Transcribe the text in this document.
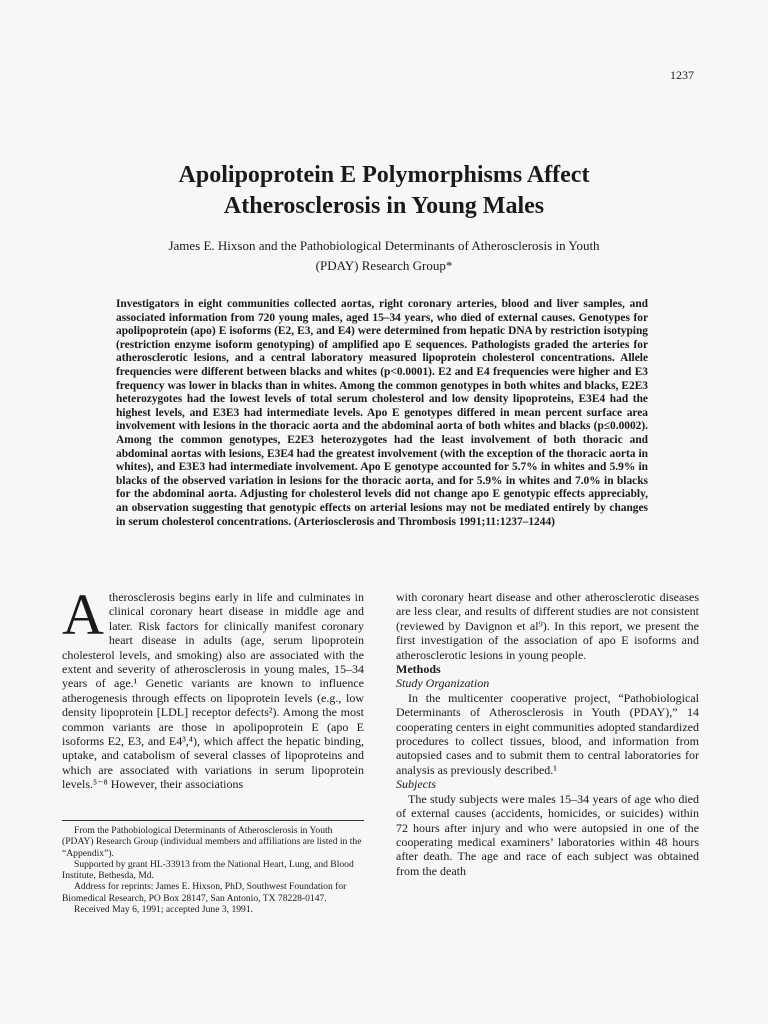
1237
Apolipoprotein E Polymorphisms Affect
Atherosclerosis in Young Males
James E. Hixson and the Pathobiological Determinants of Atherosclerosis in Youth
(PDAY) Research Group*

Investigators in eight communities collected aortas, right coronary arteries, blood and liver samples, and associated information from 720 young males, aged 15–34 years, who died of external causes. Genotypes for apolipoprotein (apo) E isoforms (E2, E3, and E4) were determined from hepatic DNA by restriction isotyping (restriction enzyme isoform genotyping) of amplified apo E sequences. Pathologists graded the arteries for atherosclerotic lesions, and a central laboratory measured lipoprotein cholesterol concentrations. Allele frequencies were different between blacks and whites (p<0.0001). E2 and E4 frequencies were higher and E3 frequency was lower in blacks than in whites. Among the common genotypes in both whites and blacks, E2E3 heterozygotes had the lowest levels of total serum cholesterol and low density lipoproteins, E3E4 had the highest levels, and E3E3 had intermediate levels. Apo E genotypes differed in mean percent surface area involvement with lesions in the thoracic aorta and the abdominal aorta of both whites and blacks (p≤0.0002). Among the common genotypes, E2E3 heterozygotes had the least involvement of both thoracic and abdominal aortas with lesions, E3E4 had the greatest involvement (with the exception of the thoracic aorta in whites), and E3E3 had intermediate involvement. Apo E genotype accounted for 5.7% in whites and 5.9% in blacks of the observed variation in lesions for the thoracic aorta, and for 5.9% in whites and 7.0% in blacks for the abdominal aorta. Adjusting for cholesterol levels did not change apo E genotypic effects appreciably, an observation suggesting that genotypic effects on arterial lesions may not be mediated entirely by changes in serum cholesterol concentrations. (Arteriosclerosis and Thrombosis 1991;11:1237–1244)

Atherosclerosis begins early in life and culminates in clinical coronary heart disease in middle age and later. Risk factors for clinically manifest coronary heart disease in adults (age, serum lipoprotein cholesterol levels, and smoking) also are associated with the extent and severity of atherosclerosis in young males, 15–34 years of age.¹ Genetic variants are known to influence atherogenesis through effects on lipoprotein levels (e.g., low density lipoprotein [LDL] receptor defects²). Among the most common variants are those in apolipoprotein E (apo E isoforms E2, E3, and E4³,⁴), which affect the hepatic binding, uptake, and catabolism of several classes of lipoproteins and which are associated with variations in serum lipoprotein levels.⁵⁻⁸ However, their associations

From the Pathobiological Determinants of Atherosclerosis in Youth (PDAY) Research Group (individual members and affiliations are listed in the “Appendix”).

Supported by grant HL-33913 from the National Heart, Lung, and Blood Institute, Bethesda, Md.

Address for reprints: James E. Hixson, PhD, Southwest Foundation for Biomedical Research, PO Box 28147, San Antonio, TX 78228-0147.

Received May 6, 1991; accepted June 3, 1991.

with coronary heart disease and other atherosclerotic diseases are less clear, and results of different studies are not consistent (reviewed by Davignon et al⁹). In this report, we present the first investigation of the association of apo E isoforms and atherosclerotic lesions in young people.

Methods

Study Organization

In the multicenter cooperative project, “Pathobiological Determinants of Atherosclerosis in Youth (PDAY),” 14 cooperating centers in eight communities adopted standardized procedures to collect tissues, blood, and information from autopsied cases and to submit them to central laboratories for analysis as previously described.¹

Subjects

The study subjects were males 15–34 years of age who died of external causes (accidents, homicides, or suicides) within 72 hours after injury and who were autopsied in one of the cooperating medical examiners’ laboratories within 48 hours after death. The age and race of each subject was obtained from the death
